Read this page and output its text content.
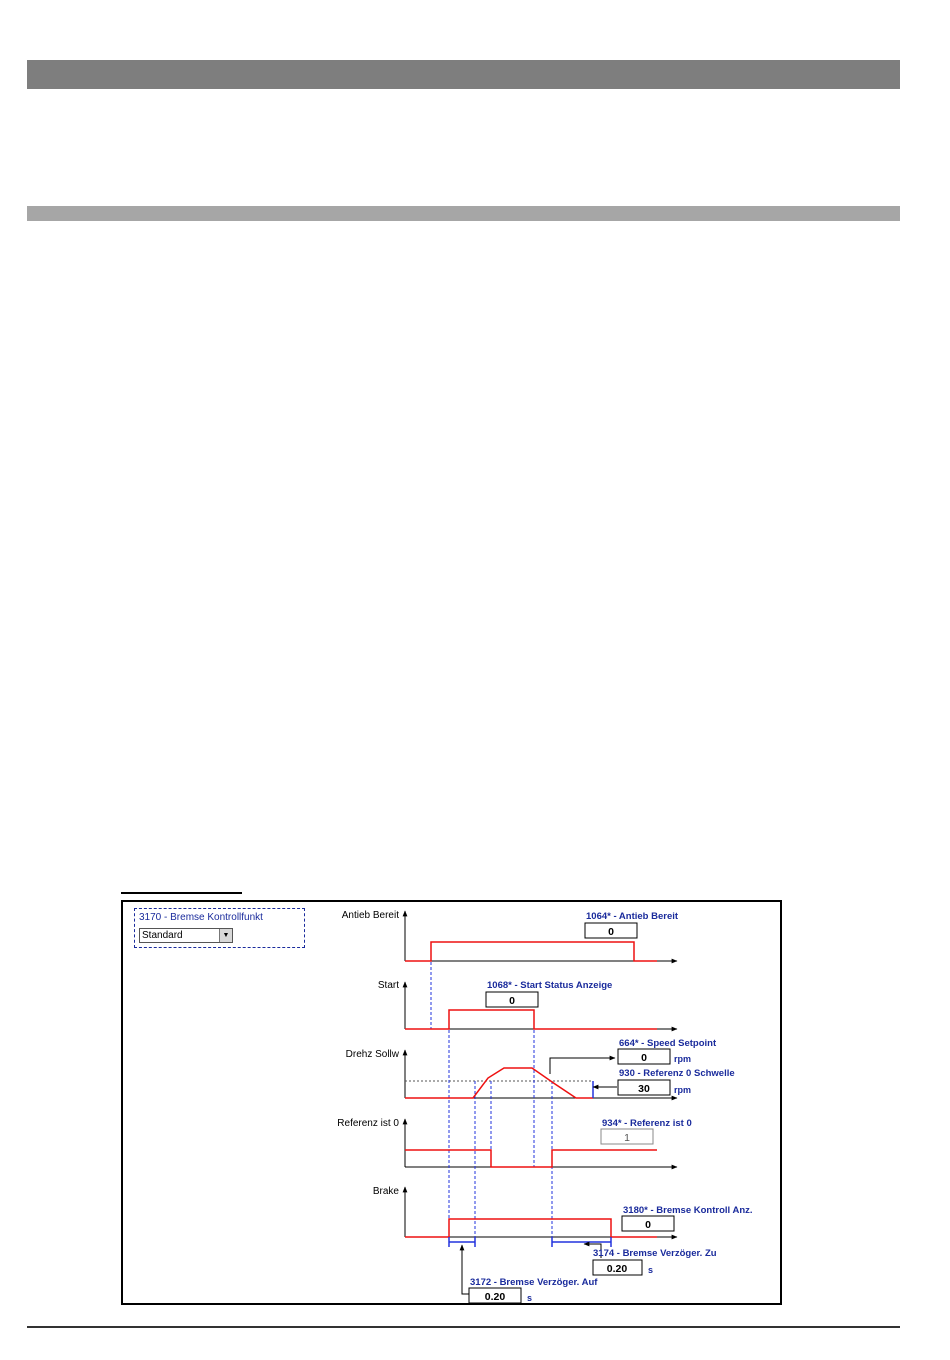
3170 - Bremse Kontrollfunkt
Standard	▼
Antieb Bereit
Start
Drehz Sollw
Referenz ist 0
Brake
1064* - Antieb Bereit
1068* - Start Status Anzeige
664* - Speed Setpoint
930 - Referenz 0 Schwelle
934* - Referenz ist 0
3180* - Bremse Kontroll Anz.
3174 - Bremse Verzöger. Zu
3172 - Bremse Verzöger. Auf
0
0
0
30
1
0
0.20
0.20
rpm
rpm
s
s
